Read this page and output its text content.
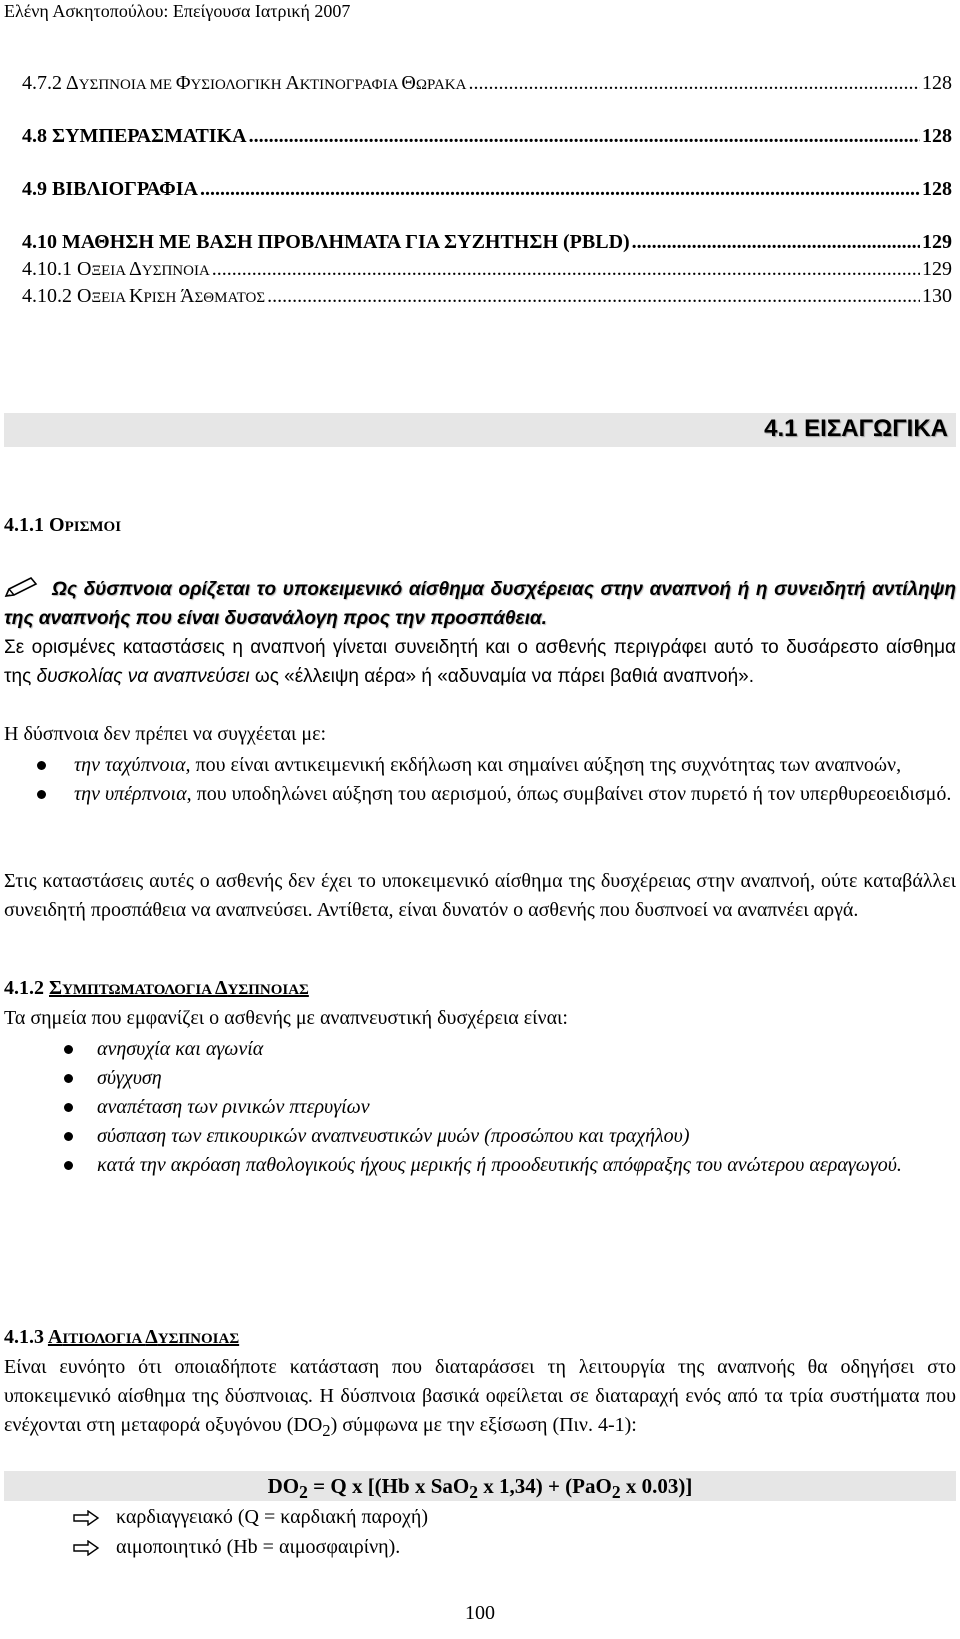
Ελένη Ασκητοπούλου: Επείγουσα Ιατρική 2007
4.7.2 ΔΥΣΠΝΟΙΑ ΜΕ ΦΥΣΙΟΛΟΓΙΚΗ ΑΚΤΙΝΟΓΡΑΦΙΑ ΘΩΡΑΚΑ .....	128
4.8 ΣΥΜΠΕΡΑΣΜΑΤΙΚΑ .....	128
4.9 ΒΙΒΛΙΟΓΡΑΦΙΑ .....	128
4.10 ΜΑΘΗΣΗ ΜΕ ΒΑΣΗ ΠΡΟΒΛΗΜΑΤΑ ΓΙΑ ΣΥΖΗΤΗΣΗ (PBLD) .....	129
4.10.1 ΟΞΕΙΑ ΔΥΣΠΝΟΙΑ .....	129
4.10.2 ΟΞΕΙΑ ΚΡΙΣΗ ΆΣΘΜΑΤΟΣ .....	130
4.1 ΕΙΣΑΓΩΓΙΚΑ
4.1.1 ΟΡΙΣΜΟΙ
Ως δύσπνοια ορίζεται το υποκειμενικό αίσθημα δυσχέρειας στην αναπνοή ή η συνειδητή αντίληψη της αναπνοής που είναι δυσανάλογη προς την προσπάθεια.
Σε ορισμένες καταστάσεις η αναπνοή γίνεται συνειδητή και ο ασθενής περιγράφει αυτό το δυσάρεστο αίσθημα της δυσκολίας να αναπνεύσει ως «έλλειψη αέρα» ή «αδυναμία να πάρει βαθιά αναπνοή».
Η δύσπνοια δεν πρέπει να συγχέεται με:
την ταχύπνοια, που είναι αντικειμενική εκδήλωση και σημαίνει αύξηση της συχνότητας των αναπνοών,
την υπέρπνοια, που υποδηλώνει αύξηση του αερισμού, όπως συμβαίνει στον πυρετό ή τον υπερθυρεοειδισμό.
Στις καταστάσεις αυτές ο ασθενής δεν έχει το υποκειμενικό αίσθημα της δυσχέρειας στην αναπνοή, ούτε καταβάλλει συνειδητή προσπάθεια να αναπνεύσει. Αντίθετα, είναι δυνατόν ο ασθενής που δυσπνοεί να αναπνέει αργά.
4.1.2 ΣΥΜΠΤΩΜΑΤΟΛΟΓΙΑ ΔΥΣΠΝΟΙΑΣ
Τα σημεία που εμφανίζει ο ασθενής με αναπνευστική δυσχέρεια είναι:
ανησυχία και αγωνία
σύγχυση
αναπέταση των ρινικών πτερυγίων
σύσπαση των επικουρικών αναπνευστικών μυών (προσώπου και τραχήλου)
κατά την ακρόαση παθολογικούς ήχους μερικής ή προοδευτικής απόφραξης του ανώτερου αεραγωγού.
4.1.3 ΑΙΤΙΟΛΟΓΙΑ ΔΥΣΠΝΟΙΑΣ
Είναι ευνόητο ότι οποιαδήποτε κατάσταση που διαταράσσει τη λειτουργία της αναπνοής θα οδηγήσει στο υποκειμενικό αίσθημα της δύσπνοιας. Η δύσπνοια βασικά οφείλεται σε διαταραχή ενός από τα τρία συστήματα που ενέχονται στη μεταφορά οξυγόνου $(DO_2)$ σύμφωνα με την εξίσωση (Πιν. 4-1):
$DO_2 = Q$ x [(Hb x SaO$_2$ x 1,34) + (PaO$_2$ x 0.03)]
καρδιαγγειακό (Q = καρδιακή παροχή)
αιμοποιητικό (Hb = αιμοσφαιρίνη).
100
